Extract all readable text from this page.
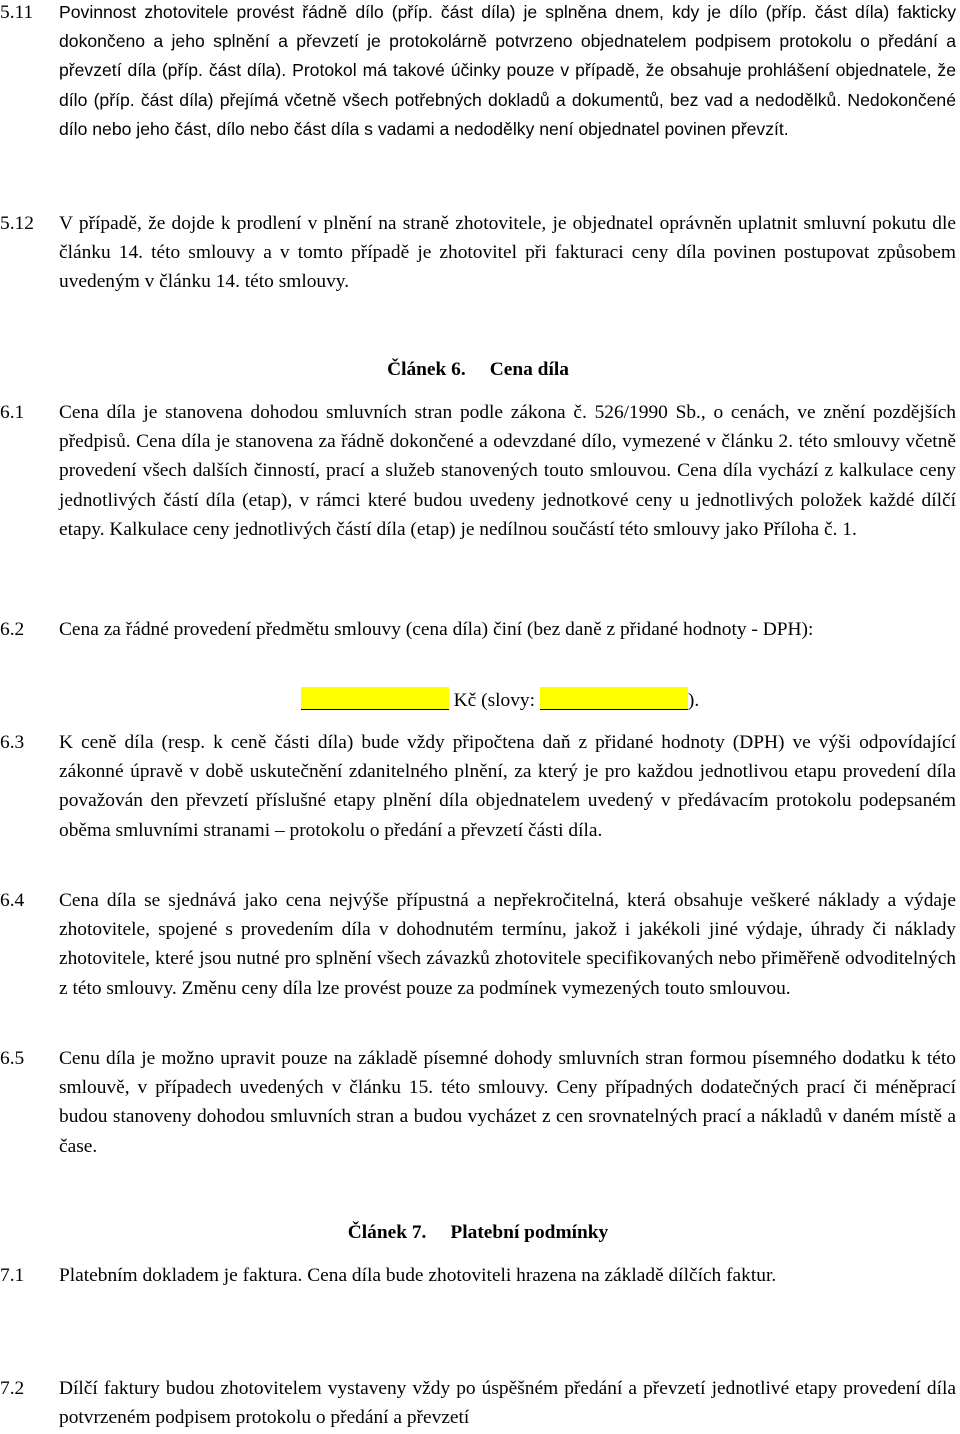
5.11	Povinnost zhotovitele provést řádně dílo (příp. část díla) je splněna dnem, kdy je dílo (příp. část díla) fakticky dokončeno a jeho splnění a převzetí je protokolárně potvrzeno objednatelem podpisem protokolu o předání a převzetí díla (příp. část díla). Protokol má takové účinky pouze v případě, že obsahuje prohlášení objednatele, že dílo (příp. část díla) přejímá včetně všech potřebných dokladů a dokumentů, bez vad a nedodělků. Nedokončené dílo nebo jeho část, dílo nebo část díla s vadami a nedodělky není objednatel povinen převzít.
5.12	V případě, že dojde k prodlení v plnění na straně zhotovitele, je objednatel oprávněn uplatnit smluvní pokutu dle článku 14. této smlouvy a v tomto případě je zhotovitel při fakturaci ceny díla povinen postupovat způsobem uvedeným v článku 14. této smlouvy.
Článek 6. Cena díla
6.1	Cena díla je stanovena dohodou smluvních stran podle zákona č. 526/1990 Sb., o cenách, ve znění pozdějších předpisů. Cena díla je stanovena za řádně dokončené a odevzdané dílo, vymezené v článku 2. této smlouvy včetně provedení všech dalších činností, prací a služeb stanovených touto smlouvou. Cena díla vychází z kalkulace ceny jednotlivých částí díla (etap), v rámci které budou uvedeny jednotkové ceny u jednotlivých položek každé dílčí etapy. Kalkulace ceny jednotlivých částí díla (etap) je nedílnou součástí této smlouvy jako Příloha č. 1.
6.2	Cena za řádné provedení předmětu smlouvy (cena díla) činí (bez daně z přidané hodnoty - DPH):
Kč (slovy:	).
6.3	K ceně díla (resp. k ceně části díla) bude vždy připočtena daň z přidané hodnoty (DPH) ve výši odpovídající zákonné úpravě v době uskutečnění zdanitelného plnění, za který je pro každou jednotlivou etapu provedení díla považován den převzetí příslušné etapy plnění díla objednatelem uvedený v předávacím protokolu podepsaném oběma smluvními stranami – protokolu o předání a převzetí části díla.
6.4	Cena díla se sjednává jako cena nejvýše přípustná a nepřekročitelná, která obsahuje veškeré náklady a výdaje zhotovitele, spojené s provedením díla v dohodnutém termínu, jakož i jakékoli jiné výdaje, úhrady či náklady zhotovitele, které jsou nutné pro splnění všech závazků zhotovitele specifikovaných nebo přiměřeně odvoditelných z této smlouvy. Změnu ceny díla lze provést pouze za podmínek vymezených touto smlouvou.
6.5	Cenu díla je možno upravit pouze na základě písemné dohody smluvních stran formou písemného dodatku k této smlouvě, v případech uvedených v článku 15. této smlouvy. Ceny případných dodatečných prací či méněprací budou stanoveny dohodou smluvních stran a budou vycházet z cen srovnatelných prací a nákladů v daném místě a čase.
Článek 7. Platební podmínky
7.1	Platebním dokladem je faktura. Cena díla bude zhotoviteli hrazena na základě dílčích faktur.
7.2	Dílčí faktury budou zhotovitelem vystaveny vždy po úspěšném předání a převzetí jednotlivé etapy provedení díla potvrzeném podpisem protokolu o předání a převzetí
